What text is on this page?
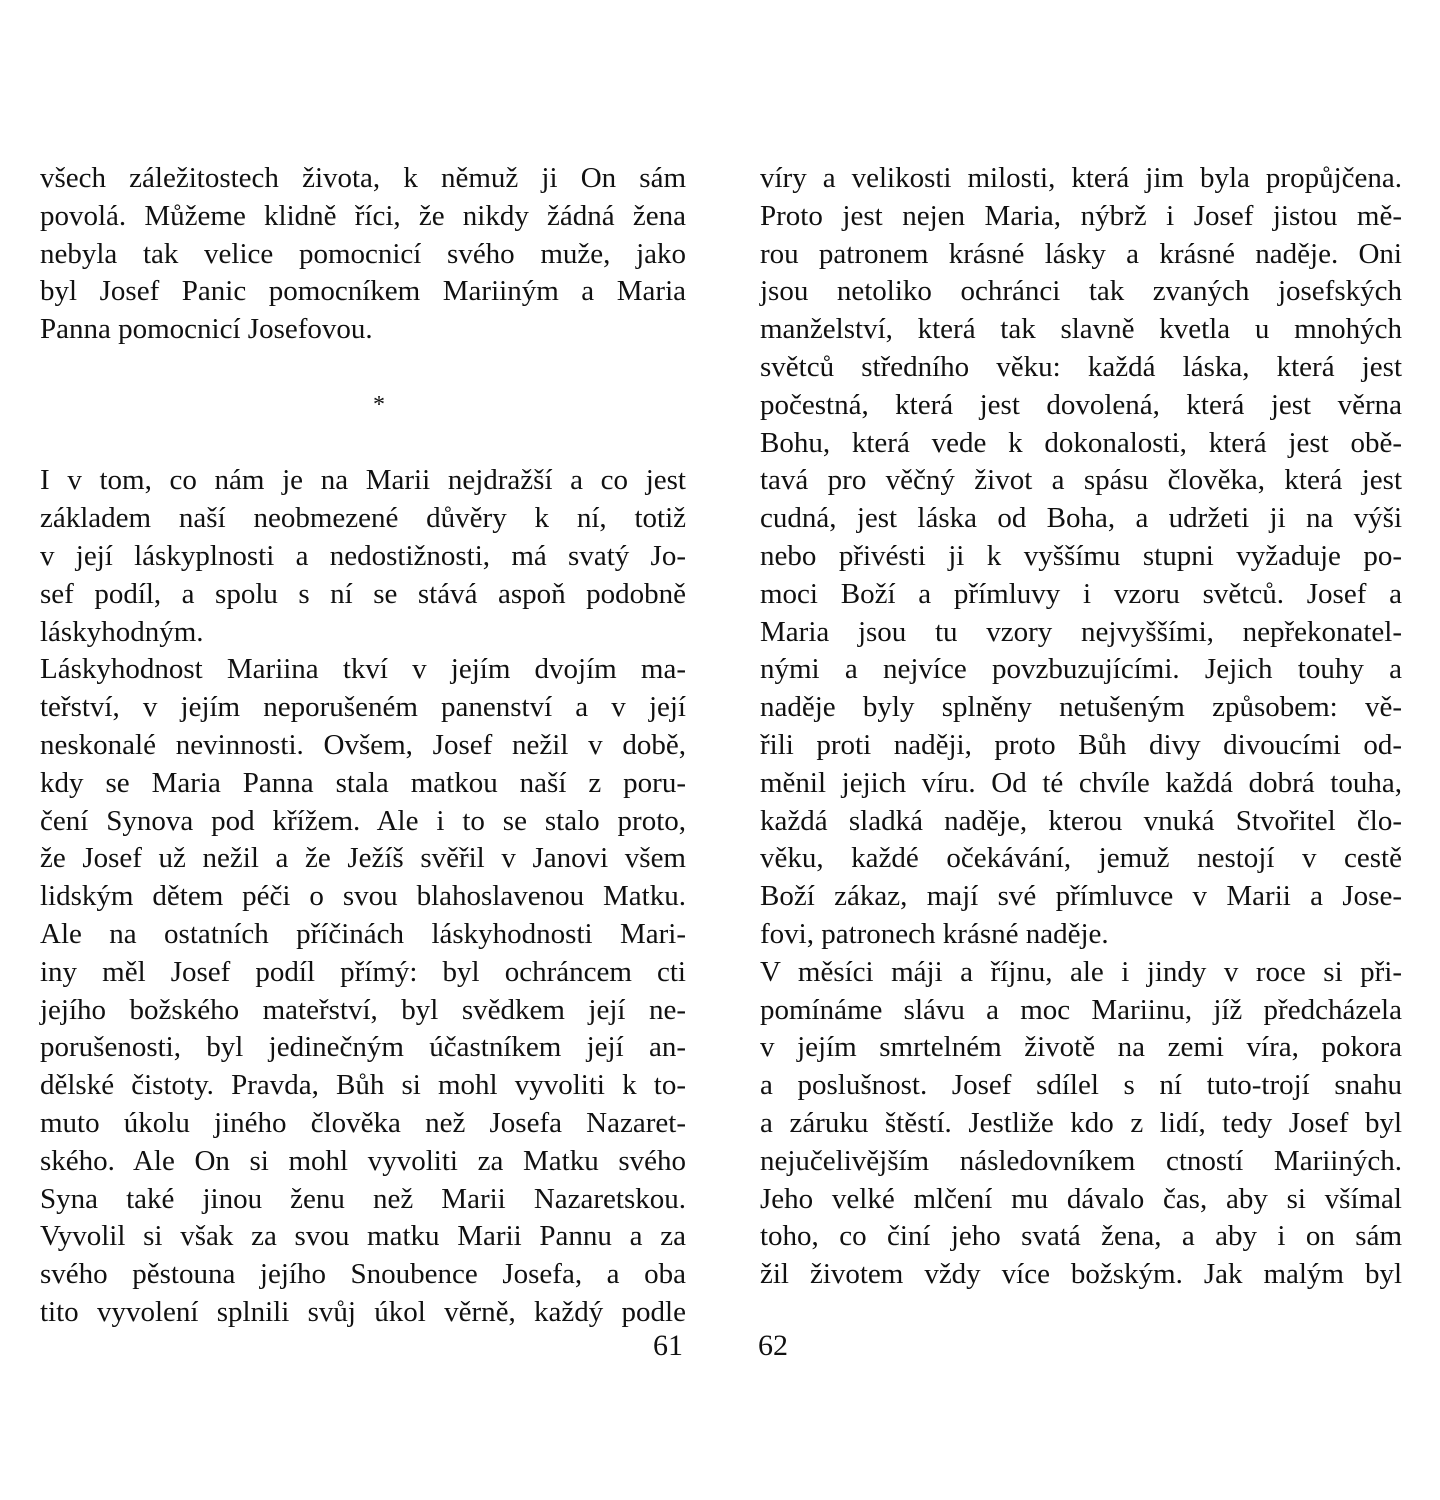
všech záležitostech života, k němuž ji On sám
povolá. Můžeme klidně říci, že nikdy žádná žena
nebyla tak velice pomocnicí svého muže, jako
byl Josef Panic pomocníkem Mariiným a Maria
Panna pomocnicí Josefovou.
*
I v tom, co nám je na Marii nejdražší a co jest
základem naší neobmezené důvěry k ní, totiž
v její láskyplnosti a nedostižnosti, má svatý Jo-
sef podíl, a spolu s ní se stává aspoň podobně
láskyhodným.
Láskyhodnost Mariina tkví v jejím dvojím ma-
teřství, v jejím neporušeném panenství a v její
neskonalé nevinnosti. Ovšem, Josef nežil v době,
kdy se Maria Panna stala matkou naší z poru-
čení Synova pod křížem. Ale i to se stalo proto,
že Josef už nežil a že Ježíš svěřil v Janovi všem
lidským dětem péči o svou blahoslavenou Matku.
Ale na ostatních příčinách láskyhodnosti Mari-
iny měl Josef podíl přímý: byl ochráncem cti
jejího božského mateřství, byl svědkem její ne-
porušenosti, byl jedinečným účastníkem její an-
dělské čistoty. Pravda, Bůh si mohl vyvoliti k to-
muto úkolu jiného člověka než Josefa Nazaret-
ského. Ale On si mohl vyvoliti za Matku svého
Syna také jinou ženu než Marii Nazaretskou.
Vyvolil si však za svou matku Marii Pannu a za
svého pěstouna jejího Snoubence Josefa, a oba
tito vyvolení splnili svůj úkol věrně, každý podle
víry a velikosti milosti, která jim byla propůjčena.
Proto jest nejen Maria, nýbrž i Josef jistou mě-
rou patronem krásné lásky a krásné naděje. Oni
jsou netoliko ochránci tak zvaných josefských
manželství, která tak slavně kvetla u mnohých
světců středního věku: každá láska, která jest
počestná, která jest dovolená, která jest věrna
Bohu, která vede k dokonalosti, která jest obě-
tavá pro věčný život a spásu člověka, která jest
cudná, jest láska od Boha, a udržeti ji na výši
nebo přivésti ji k vyššímu stupni vyžaduje po-
moci Boží a přímluvy i vzoru světců. Josef a
Maria jsou tu vzory nejvyššími, nepřekonatel-
nými a nejvíce povzbuzujícími. Jejich touhy a
naděje byly splněny netušeným způsobem: vě-
řili proti naději, proto Bůh divy divoucími od-
měnil jejich víru. Od té chvíle každá dobrá touha,
každá sladká naděje, kterou vnuká Stvořitel člo-
věku, každé očekávání, jemuž nestojí v cestě
Boží zákaz, mají své přímluvce v Marii a Jose-
fovi, patronech krásné naděje.
V měsíci máji a říjnu, ale i jindy v roce si při-
pomínáme slávu a moc Mariinu, jíž předcházela
v jejím smrtelném životě na zemi víra, pokora
a poslušnost. Josef sdílel s ní tuto-trojí snahu
a záruku štěstí. Jestliže kdo z lidí, tedy Josef byl
nejučelivějším následovníkem ctností Mariiných.
Jeho velké mlčení mu dávalo čas, aby si všímal
toho, co činí jeho svatá žena, a aby i on sám
žil životem vždy více božským. Jak malým byl
61	62
